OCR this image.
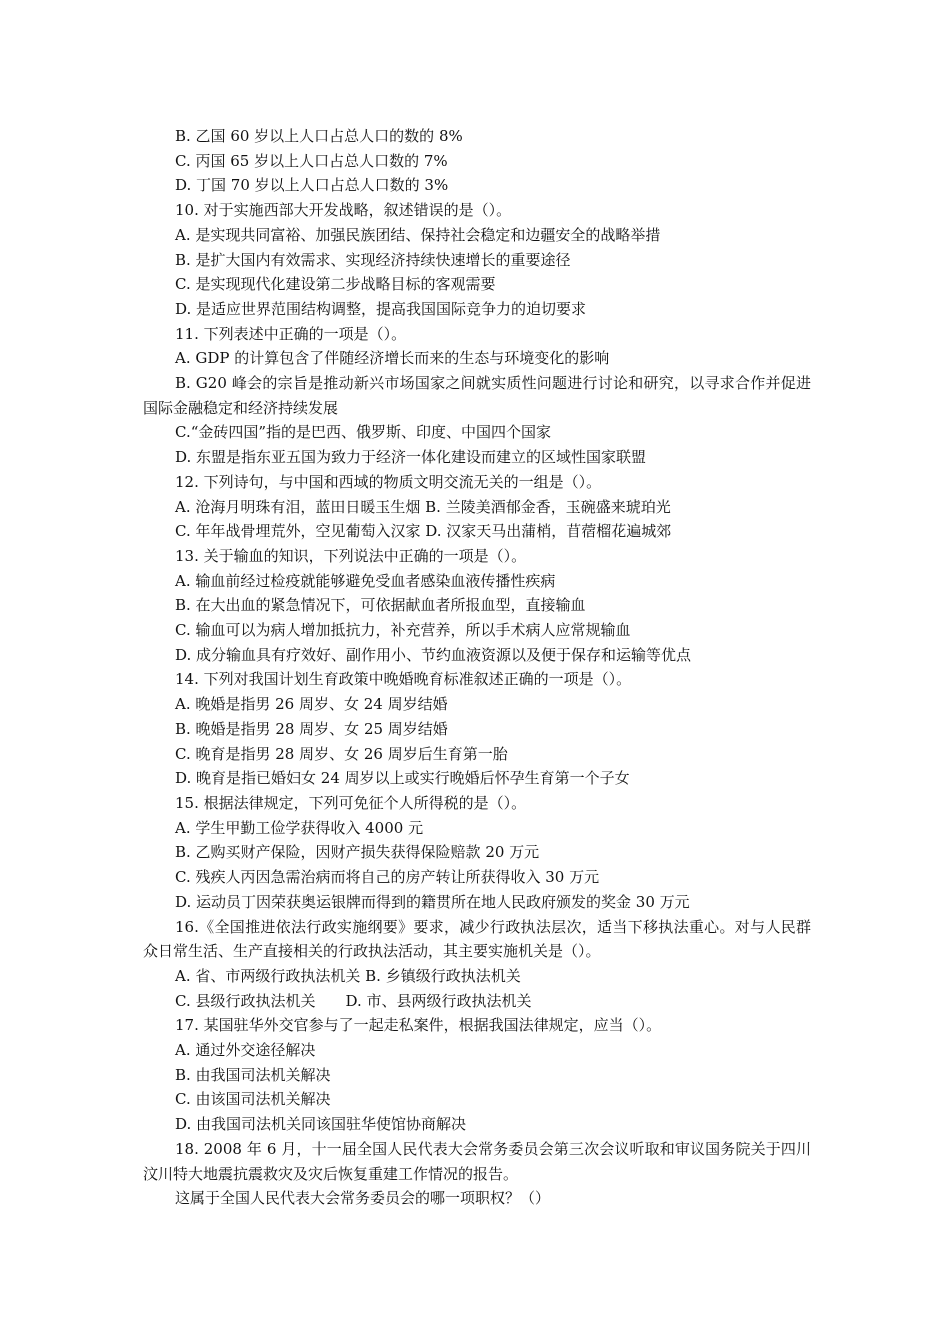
B. 乙国 60 岁以上人口占总人口的数的 8%

C. 丙国 65 岁以上人口占总人口数的 7%

D. 丁国 70 岁以上人口占总人口数的 3%

10. 对于实施西部大开发战略，叙述错误的是（）。

A. 是实现共同富裕、加强民族团结、保持社会稳定和边疆安全的战略举措

B. 是扩大国内有效需求、实现经济持续快速增长的重要途径

C. 是实现现代化建设第二步战略目标的客观需要

D. 是适应世界范围结构调整，提高我国国际竞争力的迫切要求

11. 下列表述中正确的一项是（）。

A. GDP 的计算包含了伴随经济增长而来的生态与环境变化的影响

B. G20 峰会的宗旨是推动新兴市场国家之间就实质性问题进行讨论和研究，以寻求合作并促进国际金融稳定和经济持续发展

C.“金砖四国”指的是巴西、俄罗斯、印度、中国四个国家

D. 东盟是指东亚五国为致力于经济一体化建设而建立的区域性国家联盟

12. 下列诗句，与中国和西域的物质文明交流无关的一组是（）。

A. 沧海月明珠有泪，蓝田日暖玉生烟 B. 兰陵美酒郁金香，玉碗盛来琥珀光

C. 年年战骨埋荒外，空见葡萄入汉家 D. 汉家天马出蒲梢，苜蓿榴花遍城郊

13. 关于输血的知识，下列说法中正确的一项是（）。

A. 输血前经过检疫就能够避免受血者感染血液传播性疾病

B. 在大出血的紧急情况下，可依据献血者所报血型，直接输血

C. 输血可以为病人增加抵抗力，补充营养，所以手术病人应常规输血

D. 成分输血具有疗效好、副作用小、节约血液资源以及便于保存和运输等优点

14. 下列对我国计划生育政策中晚婚晚育标准叙述正确的一项是（）。

A. 晚婚是指男 26 周岁、女 24 周岁结婚

B. 晚婚是指男 28 周岁、女 25 周岁结婚

C. 晚育是指男 28 周岁、女 26 周岁后生育第一胎

D. 晚育是指已婚妇女 24 周岁以上或实行晚婚后怀孕生育第一个子女

15. 根据法律规定，下列可免征个人所得税的是（）。

A. 学生甲勤工俭学获得收入 4000 元

B. 乙购买财产保险，因财产损失获得保险赔款 20 万元

C. 残疾人丙因急需治病而将自己的房产转让所获得收入 30 万元

D. 运动员丁因荣获奥运银牌而得到的籍贯所在地人民政府颁发的奖金 30 万元

16.《全国推进依法行政实施纲要》要求，减少行政执法层次，适当下移执法重心。对与人民群众日常生活、生产直接相关的行政执法活动，其主要实施机关是（）。

A. 省、市两级行政执法机关 B. 乡镇级行政执法机关

C. 县级行政执法机关　　D. 市、县两级行政执法机关

17. 某国驻华外交官参与了一起走私案件，根据我国法律规定，应当（）。

A. 通过外交途径解决

B. 由我国司法机关解决

C. 由该国司法机关解决

D. 由我国司法机关同该国驻华使馆协商解决

18. 2008 年 6 月，十一届全国人民代表大会常务委员会第三次会议听取和审议国务院关于四川汶川特大地震抗震救灾及灾后恢复重建工作情况的报告。

这属于全国人民代表大会常务委员会的哪一项职权？（）
